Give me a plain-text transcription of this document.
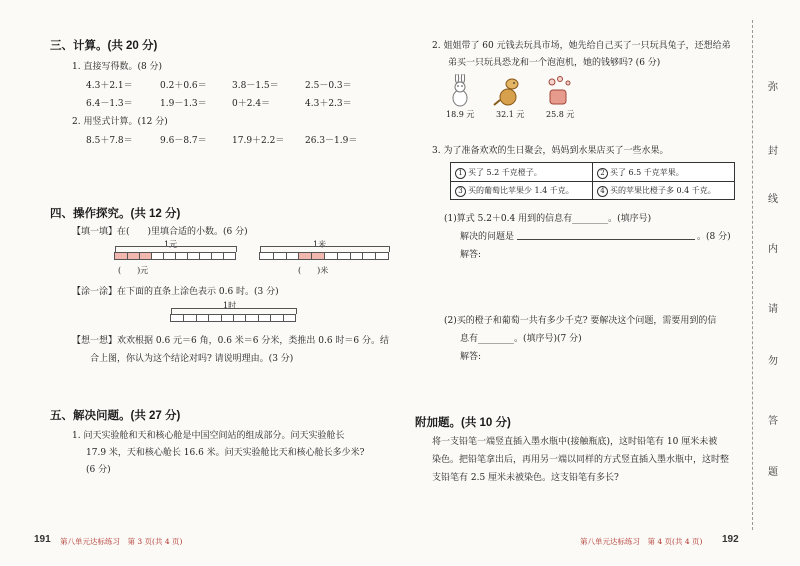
三、计算。(共 20 分)
1. 直接写得数。(8 分)
4.3＋2.1＝	0.2＋0.6＝	3.8－1.5＝	2.5－0.3＝
6.4－1.3＝	1.9－1.3＝	0＋2.4＝	4.3＋2.3＝
2. 用竖式计算。(12 分)
8.5＋7.8＝	9.6－8.7＝	17.9＋2.2＝ 26.3－1.9＝
四、操作探究。(共 12 分)
【填一填】在(　　)里填合适的小数。(6 分)
1元
(　　)元
1米
(　　)米
【涂一涂】在下面的直条上涂色表示 0.6 时。(3 分)
1时
【想一想】欢欢根据 0.6 元＝6 角，0.6 米＝6 分米，类推出 0.6 时＝6 分。结
合上图，你认为这个结论对吗? 请说明理由。(3 分)
五、解决问题。(共 27 分)
1. 问天实验舱和天和核心舱是中国空间站的组成部分。问天实验舱长
17.9 米，天和核心舱长 16.6 米。问天实验舱比天和核心舱长多少米?
(6 分)
2. 姐姐带了 60 元钱去玩具市场，她先给自己买了一只玩具兔子，还想给弟
弟买一只玩具恐龙和一个泡泡机，她的钱够吗? (6 分)
18.9 元	32.1 元	25.8 元
3. 为了准备欢欢的生日聚会，妈妈到水果店买了一些水果。
1 买了 5.2 千克橙子。	2 买了 6.5 千克苹果。
3 买的葡萄比苹果少 1.4 千克。	4 买的苹果比橙子多 0.4 千克。
(1)算式 5.2＋0.4 用到的信息有________。(填序号)
解决的问题是	。(8 分)
解答:
(2)买的橙子和葡萄一共有多少千克? 要解决这个问题，需要用到的信
息有________。(填序号)(7 分)
解答:
附加题。(共 10 分)
将一支铅笔一端竖直插入墨水瓶中(接触瓶底)，这时铅笔有 10 厘米未被
染色。把铅笔拿出后，再用另一端以同样的方式竖直插入墨水瓶中，这时整
支铅笔有 2.5 厘米未被染色。这支铅笔有多长?
弥
封
线
内
请
勿
答
题
191 第八单元达标练习　第 3 页(共 4 页)	第八单元达标练习　第 4 页(共 4 页) 192
